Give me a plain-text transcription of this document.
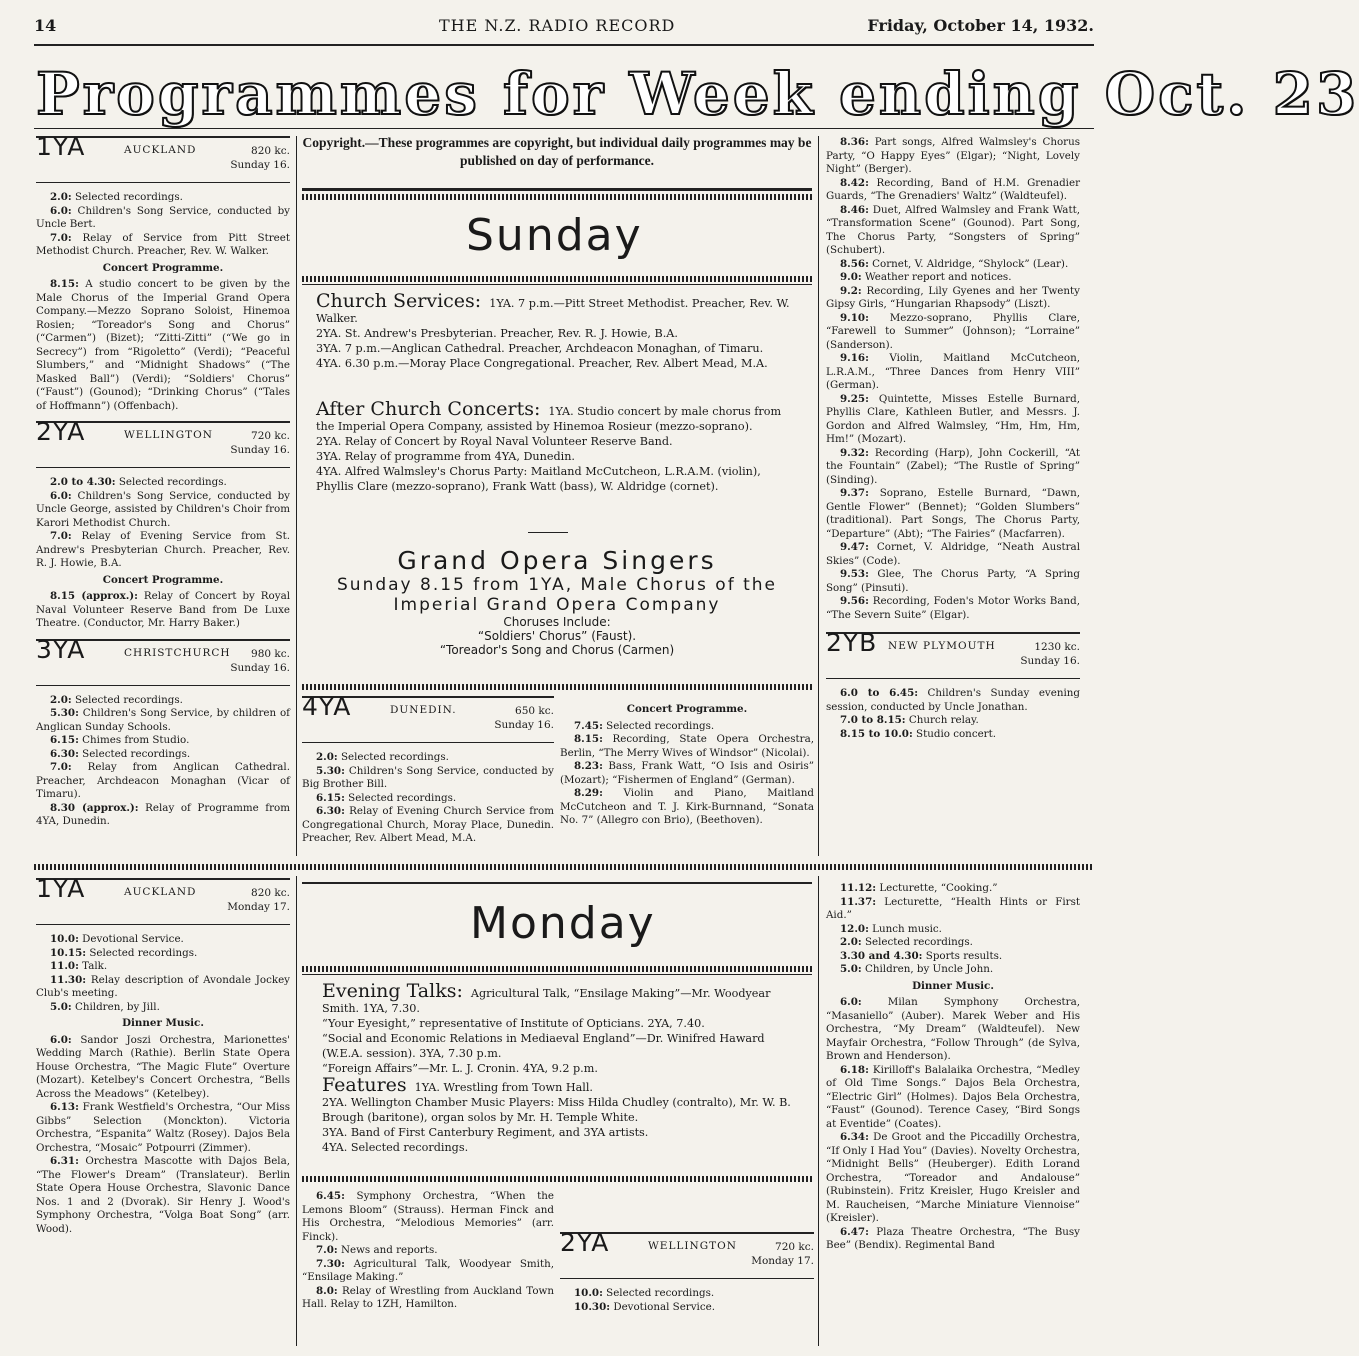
14	THE N.Z. RADIO RECORD	Friday, October 14, 1932.
Programmes for Week ending Oct. 23
1YA	AUCKLAND	820 kc.
Sunday 16.

2.0: Selected recordings.

6.0: Children's Song Service, conducted by Uncle Bert.

7.0: Relay of Service from Pitt Street Methodist Church. Preacher, Rev. W. Walker.

Concert Programme.

8.15: A studio concert to be given by the Male Chorus of the Imperial Grand Opera Company.—Mezzo Soprano Soloist, Hinemoa Rosien; “Toreador's Song and Chorus” (“Carmen”) (Bizet); “Zitti-Zitti” (“We go in Secrecy”) from “Rigoletto” (Verdi); “Peaceful Slumbers,” and “Midnight Shadows” (“The Masked Ball”) (Verdi); “Soldiers' Chorus” (“Faust”) (Gounod); “Drinking Chorus” (“Tales of Hoffmann”) (Offenbach).

2YA	WELLINGTON	720 kc.
Sunday 16.

2.0 to 4.30: Selected recordings.

6.0: Children's Song Service, conducted by Uncle George, assisted by Children's Choir from Karori Methodist Church.

7.0: Relay of Evening Service from St. Andrew's Presbyterian Church. Preacher, Rev. R. J. Howie, B.A.

Concert Programme.

8.15 (approx.): Relay of Concert by Royal Naval Volunteer Reserve Band from De Luxe Theatre. (Conductor, Mr. Harry Baker.)

3YA	CHRISTCHURCH	980 kc.
Sunday 16.

2.0: Selected recordings.

5.30: Children's Song Service, by children of Anglican Sunday Schools.

6.15: Chimes from Studio.

6.30: Selected recordings.

7.0: Relay from Anglican Cathedral. Preacher, Archdeacon Monaghan (Vicar of Timaru).

8.30 (approx.): Relay of Programme from 4YA, Dunedin.

Copyright.—These programmes are copyright, but individual daily programmes may be published on day of performance.
Sunday

Church Services: 1YA. 7 p.m.—Pitt Street Methodist. Preacher, Rev. W. Walker.

2YA. St. Andrew's Presbyterian. Preacher, Rev. R. J. Howie, B.A.

3YA. 7 p.m.—Anglican Cathedral. Preacher, Archdeacon Monaghan, of Timaru.

4YA. 6.30 p.m.—Moray Place Congregational. Preacher, Rev. Albert Mead, M.A.

After Church Concerts: 1YA. Studio concert by male chorus from the Imperial Opera Company, assisted by Hinemoa Rosieur (mezzo-soprano).

2YA. Relay of Concert by Royal Naval Volunteer Reserve Band.

3YA. Relay of programme from 4YA, Dunedin.

4YA. Alfred Walmsley's Chorus Party: Maitland McCutcheon, L.R.A.M. (violin), Phyllis Clare (mezzo-soprano), Frank Watt (bass), W. Aldridge (cornet).

Grand Opera Singers
Sunday 8.15 from 1YA, Male Chorus of the Imperial Grand Opera Company
Choruses Include:
“Soldiers' Chorus” (Faust).
“Toreador's Song and Chorus (Carmen)
4YA	DUNEDIN.	650 kc.
Sunday 16.

2.0: Selected recordings.

5.30: Children's Song Service, conducted by Big Brother Bill.

6.15: Selected recordings.

6.30: Relay of Evening Church Service from Congregational Church, Moray Place, Dunedin. Preacher, Rev. Albert Mead, M.A.

Concert Programme.

7.45: Selected recordings.

8.15: Recording, State Opera Orchestra, Berlin, “The Merry Wives of Windsor” (Nicolai).

8.23: Bass, Frank Watt, “O Isis and Osiris” (Mozart); “Fishermen of England” (German).

8.29: Violin and Piano, Maitland McCutcheon and T. J. Kirk-Burnnand, “Sonata No. 7” (Allegro con Brio), (Beethoven).

8.36: Part songs, Alfred Walmsley's Chorus Party, “O Happy Eyes” (Elgar); “Night, Lovely Night” (Berger).

8.42: Recording, Band of H.M. Grenadier Guards, “The Grenadiers' Waltz” (Waldteufel).

8.46: Duet, Alfred Walmsley and Frank Watt, “Transformation Scene” (Gounod). Part Song, The Chorus Party, “Songsters of Spring” (Schubert).

8.56: Cornet, V. Aldridge, “Shylock” (Lear).

9.0: Weather report and notices.

9.2: Recording, Lily Gyenes and her Twenty Gipsy Girls, “Hungarian Rhapsody” (Liszt).

9.10: Mezzo-soprano, Phyllis Clare, “Farewell to Summer” (Johnson); “Lorraine” (Sanderson).

9.16: Violin, Maitland McCutcheon, L.R.A.M., “Three Dances from Henry VIII” (German).

9.25: Quintette, Misses Estelle Burnard, Phyllis Clare, Kathleen Butler, and Messrs. J. Gordon and Alfred Walmsley, “Hm, Hm, Hm, Hm!” (Mozart).

9.32: Recording (Harp), John Cockerill, “At the Fountain” (Zabel); “The Rustle of Spring” (Sinding).

9.37: Soprano, Estelle Burnard, “Dawn, Gentle Flower” (Bennet); “Golden Slumbers” (traditional). Part Songs, The Chorus Party, “Departure” (Abt); “The Fairies” (Macfarren).

9.47: Cornet, V. Aldridge, “Neath Austral Skies” (Code).

9.53: Glee, The Chorus Party, “A Spring Song” (Pinsuti).

9.56: Recording, Foden's Motor Works Band, “The Severn Suite” (Elgar).

2YB NEW PLYMOUTH	1230 kc.
Sunday 16.

6.0 to 6.45: Children's Sunday evening session, conducted by Uncle Jonathan.

7.0 to 8.15: Church relay.

8.15 to 10.0: Studio concert.

1YA	AUCKLAND	820 kc.
Monday 17.

10.0: Devotional Service.

10.15: Selected recordings.

11.0: Talk.

11.30: Relay description of Avondale Jockey Club's meeting.

5.0: Children, by Jill.

Dinner Music.

6.0: Sandor Joszi Orchestra, Marionettes' Wedding March (Rathie). Berlin State Opera House Orchestra, “The Magic Flute” Overture (Mozart). Ketelbey's Concert Orchestra, “Bells Across the Meadows” (Ketelbey).

6.13: Frank Westfield's Orchestra, “Our Miss Gibbs” Selection (Monckton). Victoria Orchestra, “Espanita” Waltz (Rosey). Dajos Bela Orchestra, “Mosaic” Potpourri (Zimmer).

6.31: Orchestra Mascotte with Dajos Bela, “The Flower's Dream” (Translateur). Berlin State Opera House Orchestra, Slavonic Dance Nos. 1 and 2 (Dvorak). Sir Henry J. Wood's Symphony Orchestra, “Volga Boat Song” (arr. Wood).

Monday

Evening Talks: Agricultural Talk, “Ensilage Making”—Mr. Woodyear Smith. 1YA, 7.30.

“Your Eyesight,” representative of Institute of Opticians. 2YA, 7.40.

“Social and Economic Relations in Mediaeval England”—Dr. Winifred Haward (W.E.A. session). 3YA, 7.30 p.m.

“Foreign Affairs”—Mr. L. J. Cronin. 4YA, 9.2 p.m.

Features 1YA. Wrestling from Town Hall.

2YA. Wellington Chamber Music Players: Miss Hilda Chudley (contralto), Mr. W. B. Brough (baritone), organ solos by Mr. H. Temple White.

3YA. Band of First Canterbury Regiment, and 3YA artists.

4YA. Selected recordings.

6.45: Symphony Orchestra, “When the Lemons Bloom” (Strauss). Herman Finck and His Orchestra, “Melodious Memories” (arr. Finck).

7.0: News and reports.

7.30: Agricultural Talk, Woodyear Smith, “Ensilage Making.”

8.0: Relay of Wrestling from Auckland Town Hall. Relay to 1ZH, Hamilton.

2YA	WELLINGTON	720 kc.
Monday 17.

10.0: Selected recordings.

10.30: Devotional Service.

11.12: Lecturette, “Cooking.”

11.37: Lecturette, “Health Hints or First Aid.”

12.0: Lunch music.

2.0: Selected recordings.

3.30 and 4.30: Sports results.

5.0: Children, by Uncle John.

Dinner Music.

6.0: Milan Symphony Orchestra, “Masaniello” (Auber). Marek Weber and His Orchestra, “My Dream” (Waldteufel). New Mayfair Orchestra, “Follow Through” (de Sylva, Brown and Henderson).

6.18: Kirilloff's Balalaika Orchestra, “Medley of Old Time Songs.” Dajos Bela Orchestra, “Electric Girl” (Holmes). Dajos Bela Orchestra, “Faust” (Gounod). Terence Casey, “Bird Songs at Eventide” (Coates).

6.34: De Groot and the Piccadilly Orchestra, “If Only I Had You” (Davies). Novelty Orchestra, “Midnight Bells” (Heuberger). Edith Lorand Orchestra, “Toreador and Andalouse” (Rubinstein). Fritz Kreisler, Hugo Kreisler and M. Raucheisen, “Marche Miniature Viennoise” (Kreisler).

6.47: Plaza Theatre Orchestra, “The Busy Bee” (Bendix). Regimental Band
